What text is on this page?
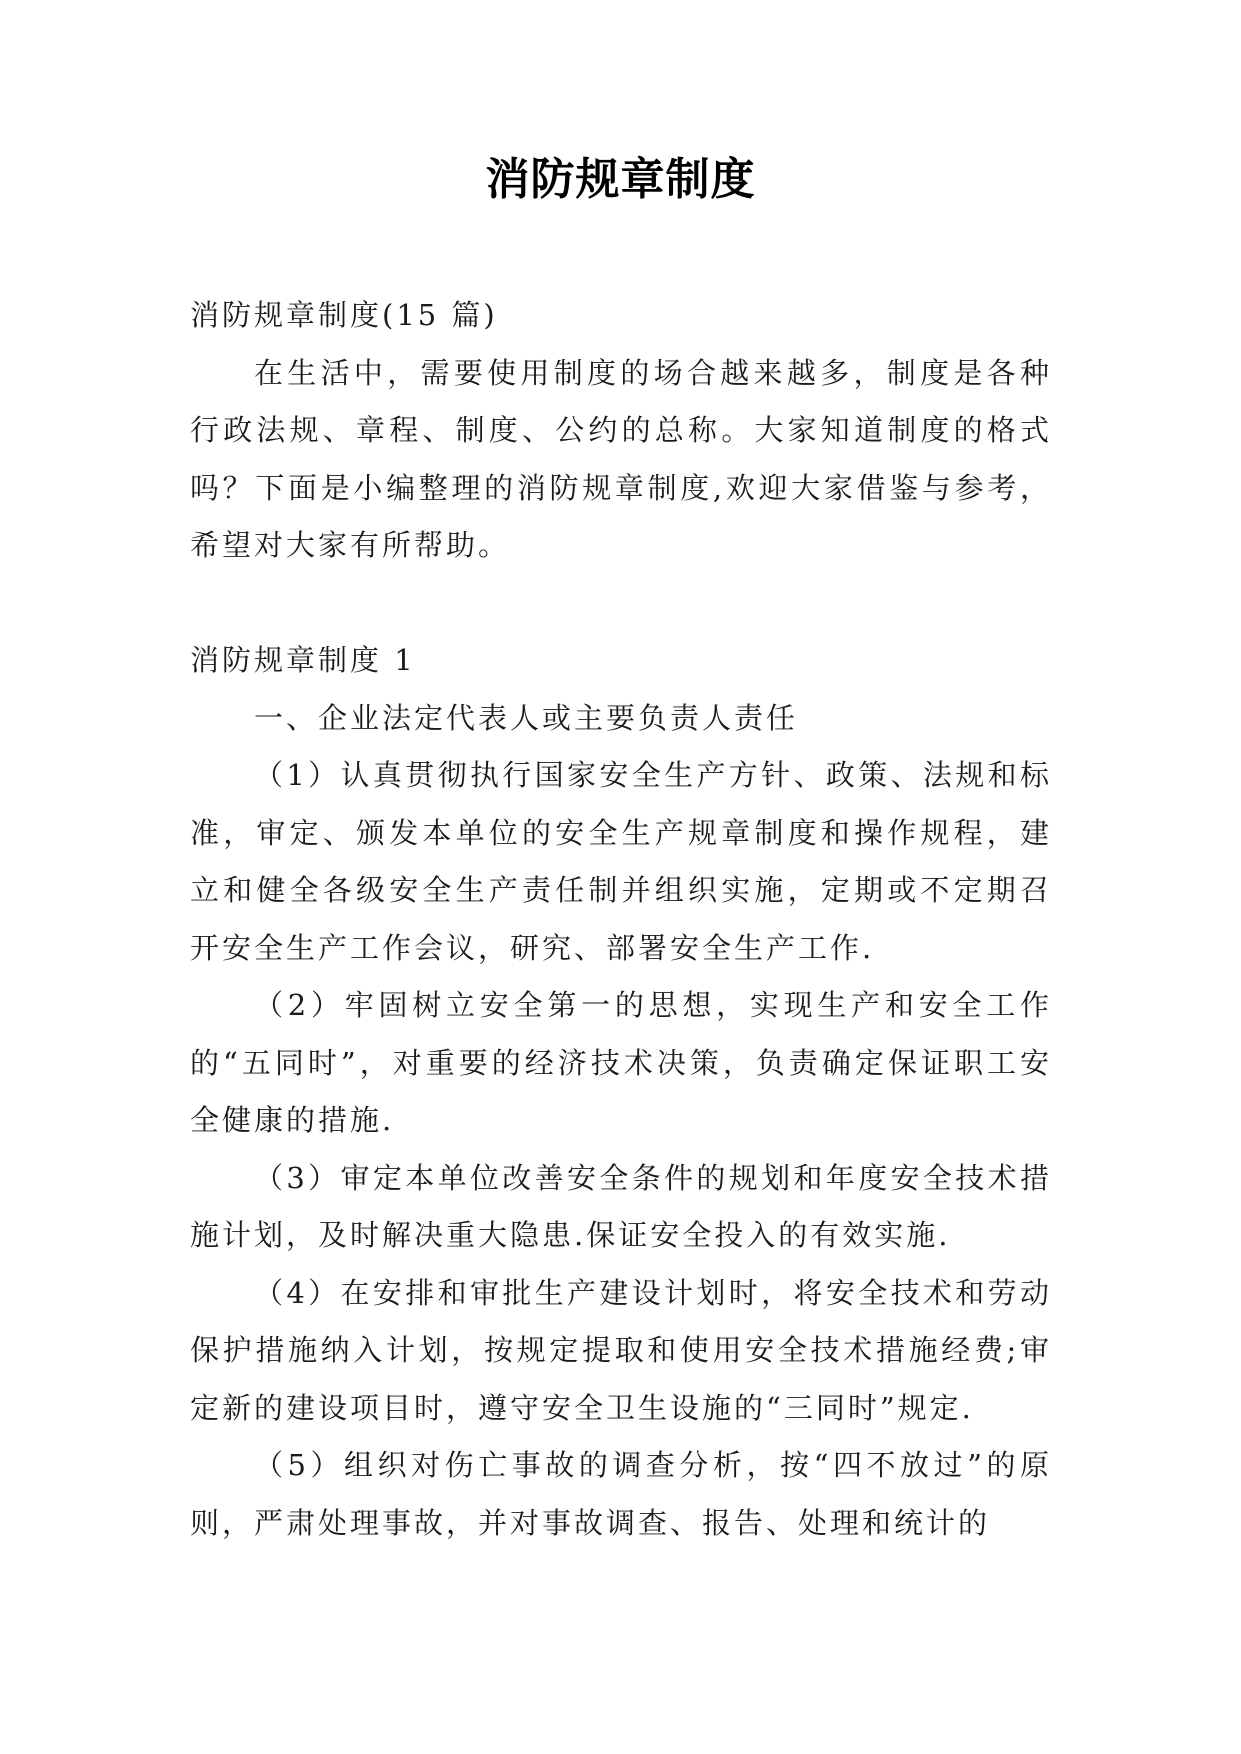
消防规章制度

消防规章制度(15 篇)

在生活中，需要使用制度的场合越来越多，制度是各种行政法规、章程、制度、公约的总称。大家知道制度的格式吗？下面是小编整理的消防规章制度,欢迎大家借鉴与参考，希望对大家有所帮助。

消防规章制度 1

一、企业法定代表人或主要负责人责任

（1）认真贯彻执行国家安全生产方针、政策、法规和标准，审定、颁发本单位的安全生产规章制度和操作规程，建立和健全各级安全生产责任制并组织实施，定期或不定期召开安全生产工作会议，研究、部署安全生产工作.

（2）牢固树立安全第一的思想，实现生产和安全工作的“五同时”，对重要的经济技术决策，负责确定保证职工安全健康的措施.

（3）审定本单位改善安全条件的规划和年度安全技术措施计划，及时解决重大隐患.保证安全投入的有效实施.

（4）在安排和审批生产建设计划时，将安全技术和劳动保护措施纳入计划，按规定提取和使用安全技术措施经费;审定新的建设项目时，遵守安全卫生设施的“三同时”规定.

（5）组织对伤亡事故的调查分析，按“四不放过”的原则，严肃处理事故，并对事故调查、报告、处理和统计的
